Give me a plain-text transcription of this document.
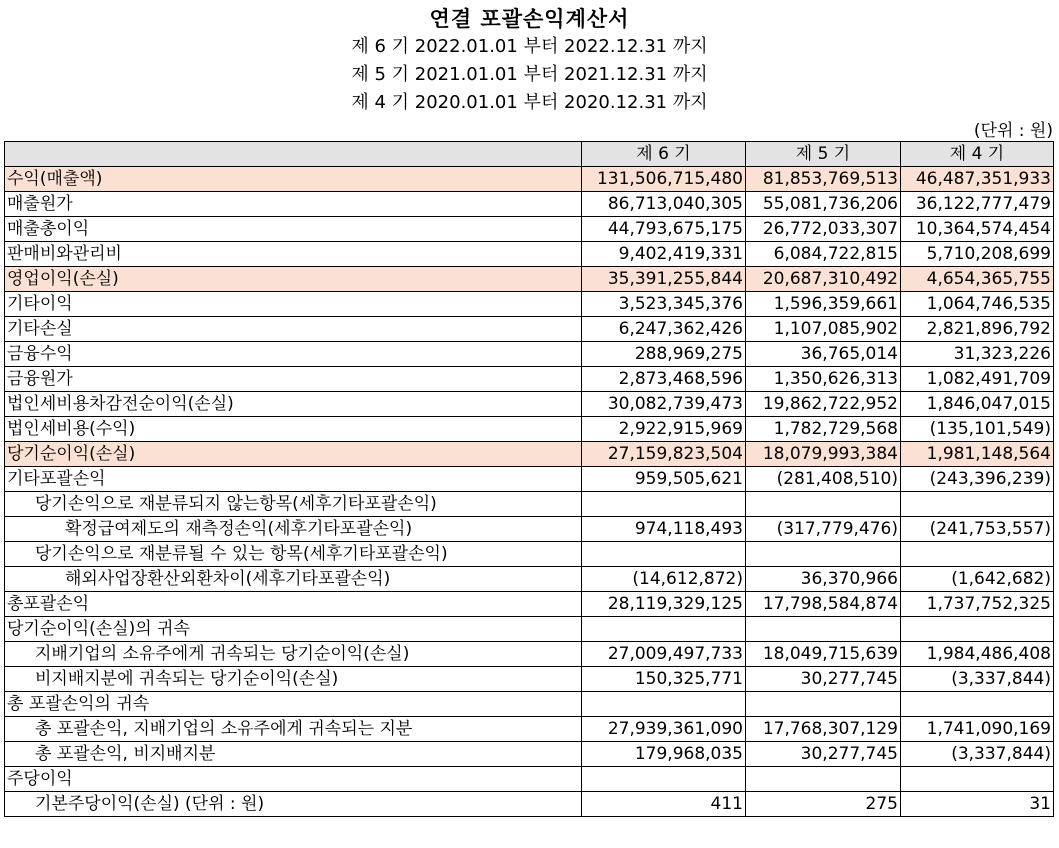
연결 포괄손익계산서
제 6 기 2022.01.01 부터 2022.12.31 까지
제 5 기 2021.01.01 부터 2021.12.31 까지
제 4 기 2020.01.01 부터 2020.12.31 까지
(단위 : 원)
	제 6 기	제 5 기	제 4 기
수익(매출액)	131,506,715,480	81,853,769,513	46,487,351,933
매출원가	86,713,040,305	55,081,736,206	36,122,777,479
매출총이익	44,793,675,175	26,772,033,307	10,364,574,454
판매비와관리비	9,402,419,331	6,084,722,815	5,710,208,699
영업이익(손실)	35,391,255,844	20,687,310,492	4,654,365,755
기타이익	3,523,345,376	1,596,359,661	1,064,746,535
기타손실	6,247,362,426	1,107,085,902	2,821,896,792
금융수익	288,969,275	36,765,014	31,323,226
금융원가	2,873,468,596	1,350,626,313	1,082,491,709
법인세비용차감전순이익(손실)	30,082,739,473	19,862,722,952	1,846,047,015
법인세비용(수익)	2,922,915,969	1,782,729,568	(135,101,549)
당기순이익(손실)	27,159,823,504	18,079,993,384	1,981,148,564
기타포괄손익	959,505,621	(281,408,510)	(243,396,239)
당기손익으로 재분류되지 않는항목(세후기타포괄손익)			
확정급여제도의 재측정손익(세후기타포괄손익)	974,118,493	(317,779,476)	(241,753,557)
당기손익으로 재분류될 수 있는 항목(세후기타포괄손익)			
해외사업장환산외환차이(세후기타포괄손익)	(14,612,872)	36,370,966	(1,642,682)
총포괄손익	28,119,329,125	17,798,584,874	1,737,752,325
당기순이익(손실)의 귀속			
지배기업의 소유주에게 귀속되는 당기순이익(손실)	27,009,497,733	18,049,715,639	1,984,486,408
비지배지분에 귀속되는 당기순이익(손실)	150,325,771	30,277,745	(3,337,844)
총 포괄손익의 귀속			
총 포괄손익, 지배기업의 소유주에게 귀속되는 지분	27,939,361,090	17,768,307,129	1,741,090,169
총 포괄손익, 비지배지분	179,968,035	30,277,745	(3,337,844)
주당이익			
기본주당이익(손실) (단위 : 원)	411	275	31
